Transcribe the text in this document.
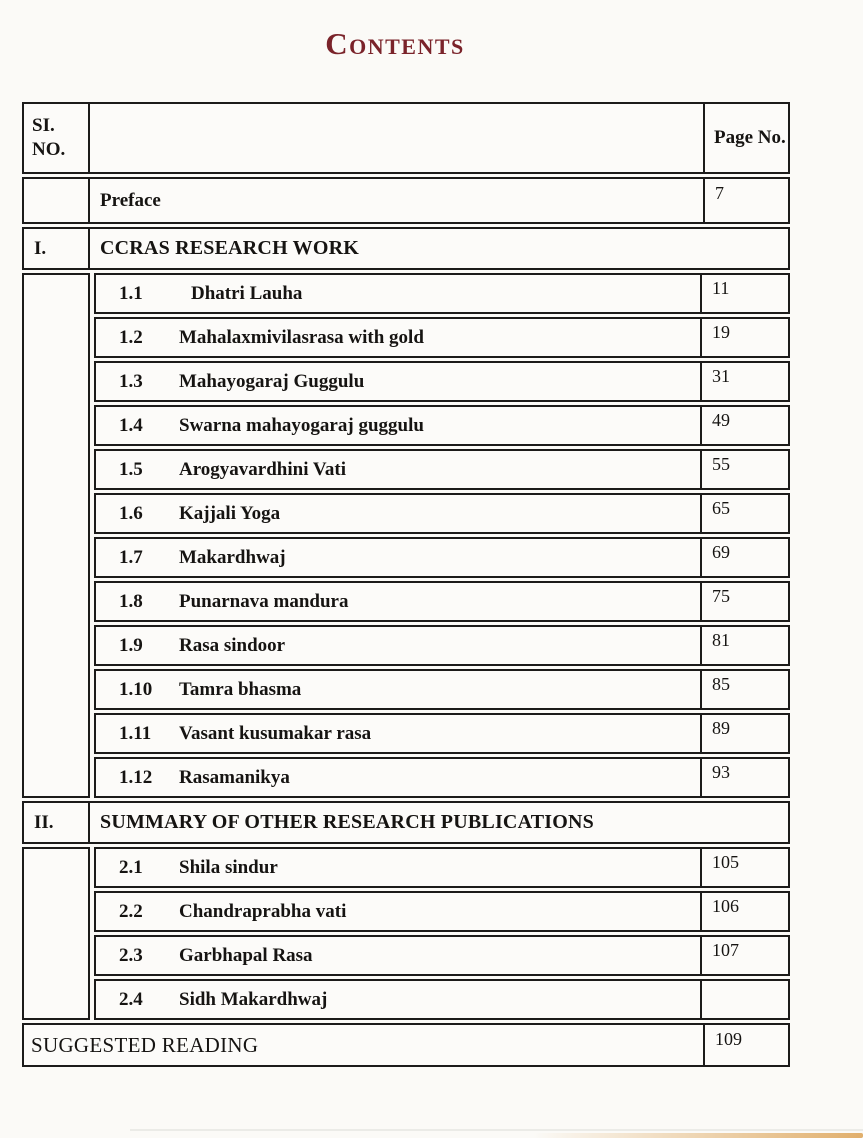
Contents
SI. NO.
Page No.
Preface	7
I.	CCRAS RESEARCH WORK
1.1	Dhatri Lauha	11
1.2	Mahalaxmivilasrasa with gold	19
1.3	Mahayogaraj Guggulu	31
1.4	Swarna mahayogaraj guggulu	49
1.5	Arogyavardhini Vati	55
1.6	Kajjali Yoga	65
1.7	Makardhwaj	69
1.8	Punarnava mandura	75
1.9	Rasa sindoor	81
1.10	Tamra bhasma	85
1.11	Vasant kusumakar rasa	89
1.12	Rasamanikya	93
II.	SUMMARY OF OTHER RESEARCH PUBLICATIONS
2.1	Shila sindur	105
2.2	Chandraprabha vati	106
2.3	Garbhapal Rasa	107
2.4	Sidh Makardhwaj
SUGGESTED READING	109
